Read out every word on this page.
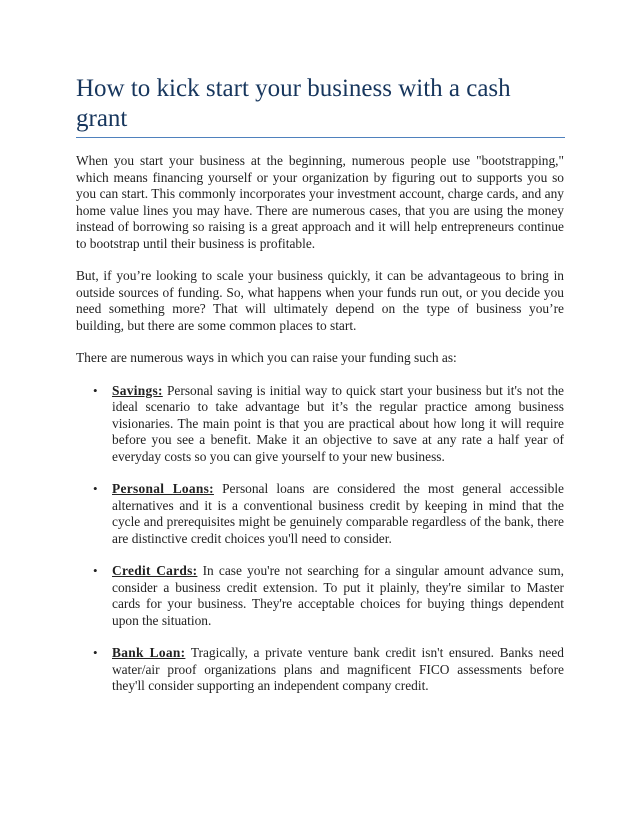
How to kick start your business with a cash grant

When you start your business at the beginning, numerous people use "bootstrapping," which means financing yourself or your organization by figuring out to supports you so you can start. This commonly incorporates your investment account, charge cards, and any home value lines you may have. There are numerous cases, that you are using the money instead of borrowing so raising is a great approach and it will help entrepreneurs continue to bootstrap until their business is profitable.

But, if you’re looking to scale your business quickly, it can be advantageous to bring in outside sources of funding. So, what happens when your funds run out, or you decide you need something more? That will ultimately depend on the type of business you’re building, but there are some common places to start.

There are numerous ways in which you can raise your funding such as:

• Savings: Personal saving is initial way to quick start your business but it's not the ideal scenario to take advantage but it’s the regular practice among business visionaries. The main point is that you are practical about how long it will require before you see a benefit. Make it an objective to save at any rate a half year of everyday costs so you can give yourself to your new business.
• Personal Loans: Personal loans are considered the most general accessible alternatives and it is a conventional business credit by keeping in mind that the cycle and prerequisites might be genuinely comparable regardless of the bank, there are distinctive credit choices you'll need to consider.
• Credit Cards: In case you're not searching for a singular amount advance sum, consider a business credit extension. To put it plainly, they're similar to Master cards for your business. They're acceptable choices for buying things dependent upon the situation.
• Bank Loan: Tragically, a private venture bank credit isn't ensured. Banks need water/air proof organizations plans and magnificent FICO assessments before they'll consider supporting an independent company credit.
